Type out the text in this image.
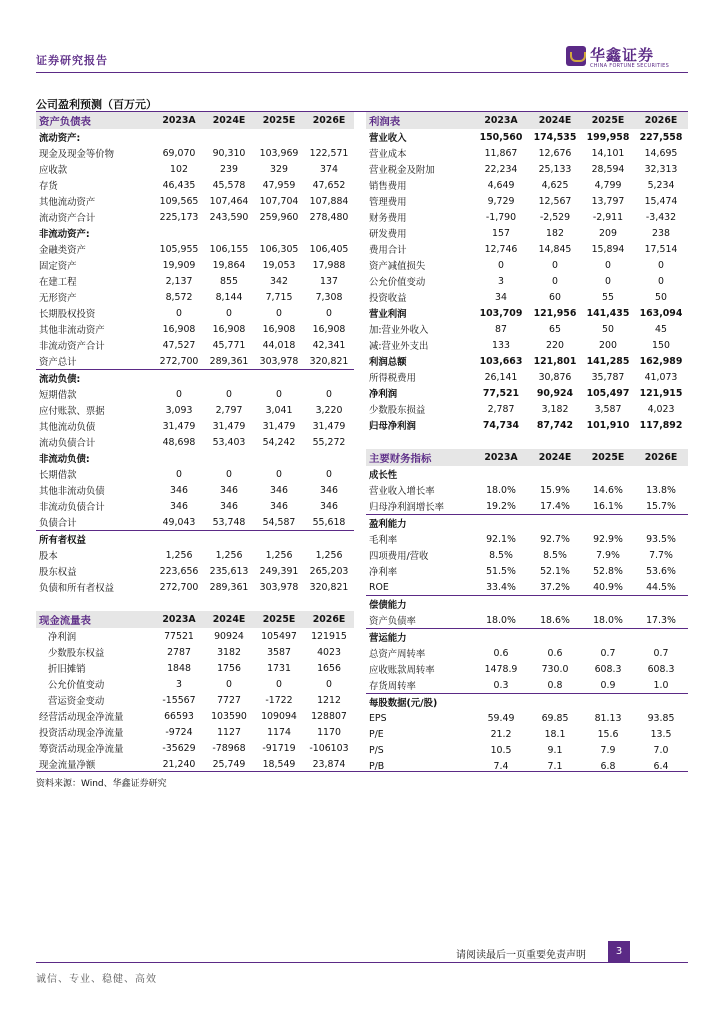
证券研究报告	华鑫证券
CHINA FORTUNE SECURITIES
公司盈利预测（百万元）
资产负债表	2023A	2024E	2025E	2026E
流动资产:				
现金及现金等价物	69,070	90,310	103,969	122,571
应收款	102	239	329	374
存货	46,435	45,578	47,959	47,652
其他流动资产	109,565	107,464	107,704	107,884
流动资产合计	225,173	243,590	259,960	278,480
非流动资产:				
金融类资产	105,955	106,155	106,305	106,405
固定资产	19,909	19,864	19,053	17,988
在建工程	2,137	855	342	137
无形资产	8,572	8,144	7,715	7,308
长期股权投资	0	0	0	0
其他非流动资产	16,908	16,908	16,908	16,908
非流动资产合计	47,527	45,771	44,018	42,341
资产总计	272,700	289,361	303,978	320,821
流动负债:				
短期借款	0	0	0	0
应付账款、票据	3,093	2,797	3,041	3,220
其他流动负债	31,479	31,479	31,479	31,479
流动负债合计	48,698	53,403	54,242	55,272
非流动负债:				
长期借款	0	0	0	0
其他非流动负债	346	346	346	346
非流动负债合计	346	346	346	346
负债合计	49,043	53,748	54,587	55,618
所有者权益				
股本	1,256	1,256	1,256	1,256
股东权益	223,656	235,613	249,391	265,203
负债和所有者权益	272,700	289,361	303,978	320,821

现金流量表	2023A	2024E	2025E	2026E
净利润	77521	90924	105497	121915
少数股东权益	2787	3182	3587	4023
折旧摊销	1848	1756	1731	1656
公允价值变动	3	0	0	0
营运资金变动	-15567	7727	-1722	1212
经营活动现金净流量	66593	103590	109094	128807
投资活动现金净流量	-9724	1127	1174	1170
筹资活动现金净流量	-35629	-78968	-91719	-106103
现金流量净额	21,240	25,749	18,549	23,874
利润表	2023A	2024E	2025E	2026E
营业收入	150,560	174,535	199,958	227,558
营业成本	11,867	12,676	14,101	14,695
营业税金及附加	22,234	25,133	28,594	32,313
销售费用	4,649	4,625	4,799	5,234
管理费用	9,729	12,567	13,797	15,474
财务费用	-1,790	-2,529	-2,911	-3,432
研发费用	157	182	209	238
费用合计	12,746	14,845	15,894	17,514
资产减值损失	0	0	0	0
公允价值变动	3	0	0	0
投资收益	34	60	55	50
营业利润	103,709	121,956	141,435	163,094
加:营业外收入	87	65	50	45
减:营业外支出	133	220	200	150
利润总额	103,663	121,801	141,285	162,989
所得税费用	26,141	30,876	35,787	41,073
净利润	77,521	90,924	105,497	121,915
少数股东损益	2,787	3,182	3,587	4,023
归母净利润	74,734	87,742	101,910	117,892

主要财务指标	2023A	2024E	2025E	2026E
成长性				
营业收入增长率	18.0%	15.9%	14.6%	13.8%
归母净利润增长率	19.2%	17.4%	16.1%	15.7%
盈利能力				
毛利率	92.1%	92.7%	92.9%	93.5%
四项费用/营收	8.5%	8.5%	7.9%	7.7%
净利率	51.5%	52.1%	52.8%	53.6%
ROE	33.4%	37.2%	40.9%	44.5%
偿债能力				
资产负债率	18.0%	18.6%	18.0%	17.3%
营运能力				
总资产周转率	0.6	0.6	0.7	0.7
应收账款周转率	1478.9	730.0	608.3	608.3
存货周转率	0.3	0.8	0.9	1.0
每股数据(元/股)				
EPS	59.49	69.85	81.13	93.85
P/E	21.2	18.1	15.6	13.5
P/S	10.5	9.1	7.9	7.0
P/B	7.4	7.1	6.8	6.4
资料来源：Wind、华鑫证券研究
请阅读最后一页重要免责声明	3
诚信、专业、稳健、高效
